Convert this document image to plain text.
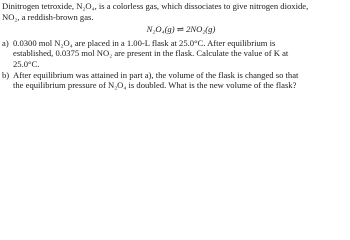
Dinitrogen tetroxide, N₂O₄, is a colorless gas, which dissociates to give nitrogen dioxide,
NO₂, a reddish-brown gas.

N₂O₄(g) ⇌ 2NO₂(g)
a) 0.0300 mol N₂O₄ are placed in a 1.00-L flask at 25.0°C. After equilibrium is
established, 0.0375 mol NO₂ are present in the flask. Calculate the value of K at
25.0°C.
b) After equilibrium was attained in part a), the volume of the flask is changed so that
the equilibrium pressure of N₂O₄ is doubled. What is the new volume of the flask?
